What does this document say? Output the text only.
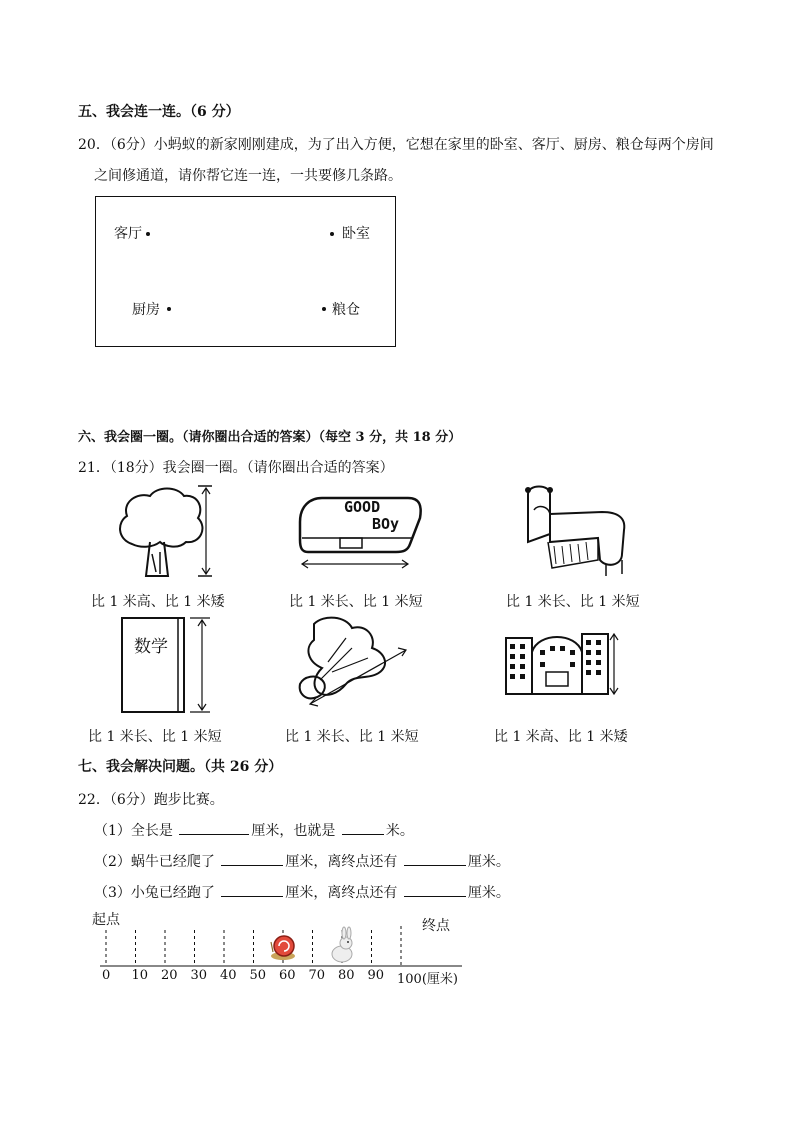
五、我会连一连。（6 分）
20．（6分）小蚂蚁的新家刚刚建成，为了出入方便，它想在家里的卧室、客厅、厨房、粮仓每两个房间
之间修通道，请你帮它连一连，一共要修几条路。
客厅	卧室
厨房	粮仓
六、我会圈一圈。（请你圈出合适的答案）（每空 3 分，共 18 分）
21．（18分）我会圈一圈。（请你圈出合适的答案）
GOOD
BOy
比 1 米高、比 1 米矮	比 1 米长、比 1 米短	比 1 米长、比 1 米短
数学
比 1 米长、比 1 米短	比 1 米长、比 1 米短	比 1 米高、比 1 米矮
七、我会解决问题。（共 26 分）
22．（6分）跑步比赛。
（1）全长是	厘米，也就是	米。
（2）蜗牛已经爬了	厘米，离终点还有	厘米。
（3）小兔已经跑了	厘米，离终点还有	厘米。
起点	终点
0 10 20 30 40 50 60 70 80 90 100(厘米)
